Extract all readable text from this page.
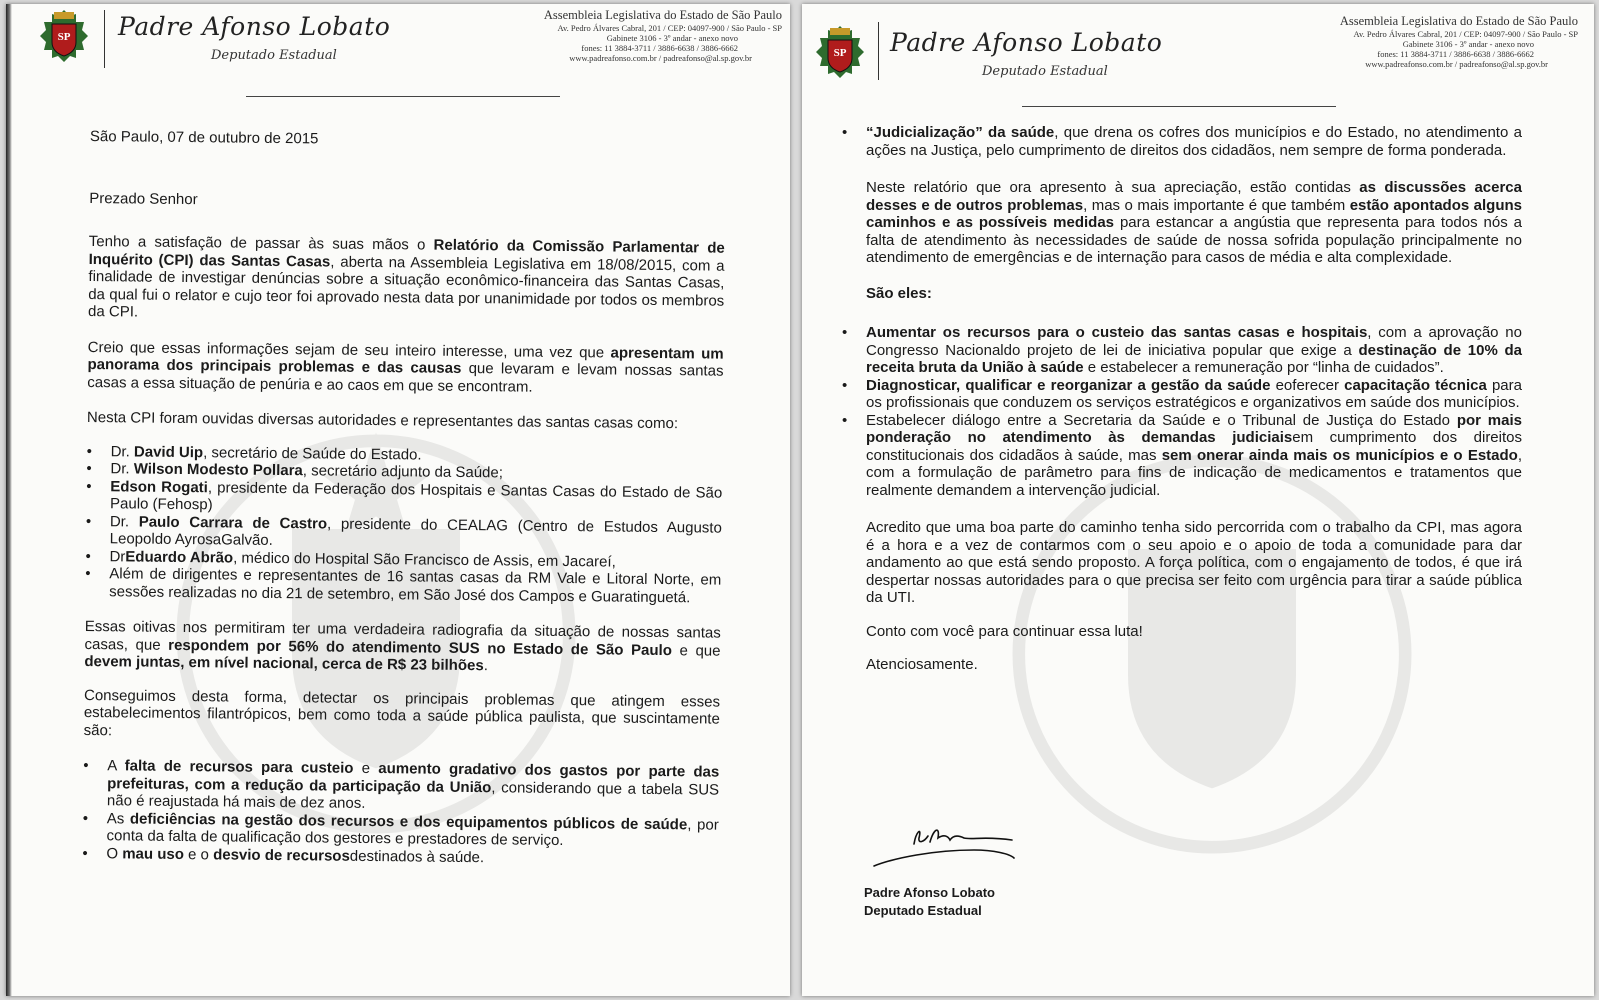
SP Padre Afonso Lobato
Deputado Estadual
Assembleia Legislativa do Estado de São Paulo
Av. Pedro Álvares Cabral, 201 / CEP: 04097-900 / São Paulo - SP
Gabinete 3106 - 3º andar - anexo novo
fones: 11 3884-3711 / 3886-6638 / 3886-6662
www.padreafonso.com.br / padreafonso@al.sp.gov.br

São Paulo, 07 de outubro de 2015

Prezado Senhor

Tenho a satisfação de passar às suas mãos o Relatório da Comissão Parlamentar de Inquérito (CPI) das Santas Casas, aberta na Assembleia Legislativa em 18/08/2015, com a finalidade de investigar denúncias sobre a situação econômico-financeira das Santas Casas, da qual fui o relator e cujo teor foi aprovado nesta data por unanimidade por todos os membros da CPI.

Creio que essas informações sejam de seu inteiro interesse, uma vez que apresentam um panorama dos principais problemas e das causas que levaram e levam nossas santas casas a essa situação de penúria e ao caos em que se encontram.

Nesta CPI foram ouvidas diversas autoridades e representantes das santas casas como:

• Dr. David Uip, secretário de Saúde do Estado.
• Dr. Wilson Modesto Pollara, secretário adjunto da Saúde;
• Edson Rogati, presidente da Federação dos Hospitais e Santas Casas do Estado de São Paulo (Fehosp)
• Dr. Paulo Carrara de Castro, presidente do CEALAG (Centro de Estudos Augusto Leopoldo AyrosaGalvão.
• DrEduardo Abrão, médico do Hospital São Francisco de Assis, em Jacareí,
• Além de dirigentes e representantes de 16 santas casas da RM Vale e Litoral Norte, em sessões realizadas no dia 21 de setembro, em São José dos Campos e Guaratinguetá.

Essas oitivas nos permitiram ter uma verdadeira radiografia da situação de nossas santas casas, que respondem por 56% do atendimento SUS no Estado de São Paulo e que devem juntas, em nível nacional, cerca de R$ 23 bilhões.

Conseguimos desta forma, detectar os principais problemas que atingem esses estabelecimentos filantrópicos, bem como toda a saúde pública paulista, que suscintamente são:

• A falta de recursos para custeio e aumento gradativo dos gastos por parte das prefeituras, com a redução da participação da União, considerando que a tabela SUS não é reajustada há mais de dez anos.
• As deficiências na gestão dos recursos e dos equipamentos públicos de saúde, por conta da falta de qualificação dos gestores e prestadores de serviço.
• O mau uso e o desvio de recursosdestinados à saúde.
SP Padre Afonso Lobato
Deputado Estadual
Assembleia Legislativa do Estado de São Paulo
Av. Pedro Álvares Cabral, 201 / CEP: 04097-900 / São Paulo - SP
Gabinete 3106 - 3º andar - anexo novo
fones: 11 3884-3711 / 3886-6638 / 3886-6662
www.padreafonso.com.br / padreafonso@al.sp.gov.br
• “Judicialização” da saúde, que drena os cofres dos municípios e do Estado, no atendimento a ações na Justiça, pelo cumprimento de direitos dos cidadãos, nem sempre de forma ponderada.

Neste relatório que ora apresento à sua apreciação, estão contidas as discussões acerca desses e de outros problemas, mas o mais importante é que também estão apontados alguns caminhos e as possíveis medidas para estancar a angústia que representa para todos nós a falta de atendimento às necessidades de saúde de nossa sofrida população principalmente no atendimento de emergências e de internação para casos de média e alta complexidade.

São eles:

• Aumentar os recursos para o custeio das santas casas e hospitais, com a aprovação no Congresso Nacionaldo projeto de lei de iniciativa popular que exige a destinação de 10% da receita bruta da União à saúde e estabelecer a remuneração por “linha de cuidados”.
• Diagnosticar, qualificar e reorganizar a gestão da saúde eoferecer capacitação técnica para os profissionais que conduzem os serviços estratégicos e organizativos em saúde dos municípios.
• Estabelecer diálogo entre a Secretaria da Saúde e o Tribunal de Justiça do Estado por mais ponderação no atendimento às demandas judiciaisem cumprimento dos direitos constitucionais dos cidadãos à saúde, mas sem onerar ainda mais os municípios e o Estado, com a formulação de parâmetro para fins de indicação de medicamentos e tratamentos que realmente demandem a intervenção judicial.

Acredito que uma boa parte do caminho tenha sido percorrida com o trabalho da CPI, mas agora é a hora e a vez de contarmos com o seu apoio e o apoio de toda a comunidade para dar andamento ao que está sendo proposto. A força política, com o engajamento de todos, é que irá despertar nossas autoridades para o que precisa ser feito com urgência para tirar a saúde pública da UTI.

Conto com você para continuar essa luta!

Atenciosamente.

Padre Afonso Lobato
Deputado Estadual
